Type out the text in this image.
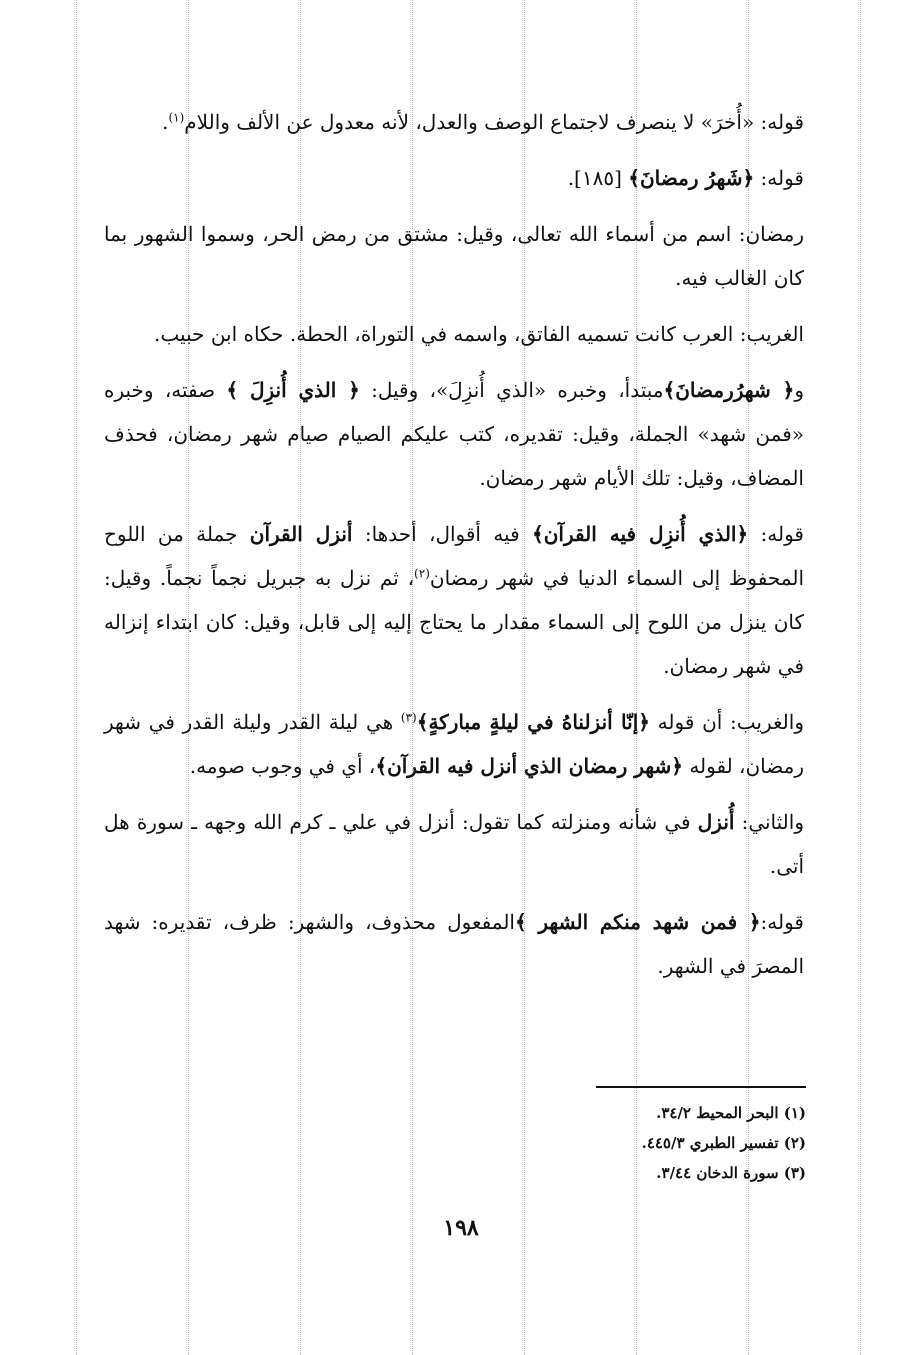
قوله: «أُخرَ» لا ينصرف لاجتماع الوصف والعدل، لأنه معدول عن الألف واللام$^{(١)}$.

قوله: ﴿شَهرُ رمضانَ﴾ [١٨٥].

رمضان: اسم من أسماء الله تعالى، وقيل: مشتق من رمض الحر، وسموا الشهور بما كان الغالب فيه.

الغريب: العرب كانت تسميه الفاتق، واسمه في التوراة، الحطة. حكاه ابن حبيب.

و﴿ شهرُرمضانَ﴾مبتدأ، وخبره «الذي أُنزِلَ»، وقيل: ﴿ الذي أُنزِلَ ﴾ صفته، وخبره «فمن شهد» الجملة، وقيل: تقديره، كتب عليكم الصيام صيام شهر رمضان، فحذف المضاف، وقيل: تلك الأيام شهر رمضان.

قوله: ﴿الذي أُنزِل فيه القرآن﴾ فيه أقوال، أحدها: أنزل القرآن جملة من اللوح المحفوظ إلى السماء الدنيا في شهر رمضان$^{(٢)}$، ثم نزل به جبريل نجماً نجماً. وقيل: كان ينزل من اللوح إلى السماء مقدار ما يحتاج إليه إلى قابل، وقيل: كان ابتداء إنزاله في شهر رمضان.

والغريب: أن قوله ﴿إنّا أنزلناهُ في ليلةٍ مباركةٍ﴾$^{(٣)}$ هي ليلة القدر وليلة القدر في شهر رمضان، لقوله ﴿شهر رمضان الذي أنزل فيه القرآن﴾، أي في وجوب صومه.

والثاني: أُنزل في شأنه ومنزلته كما تقول: أنزل في علي ـ كرم الله وجهه ـ سورة هل أتى.

قوله:﴿ فمن شهد منكم الشهر ﴾المفعول محذوف، والشهر: ظرف، تقديره: شهد المصرَ في الشهر.

(١) البحر المحيط ٣٤/٢.
(٢) تفسير الطبري ٤٤٥/٣.
(٣) سورة الدخان ٣/٤٤.
١٩٨
